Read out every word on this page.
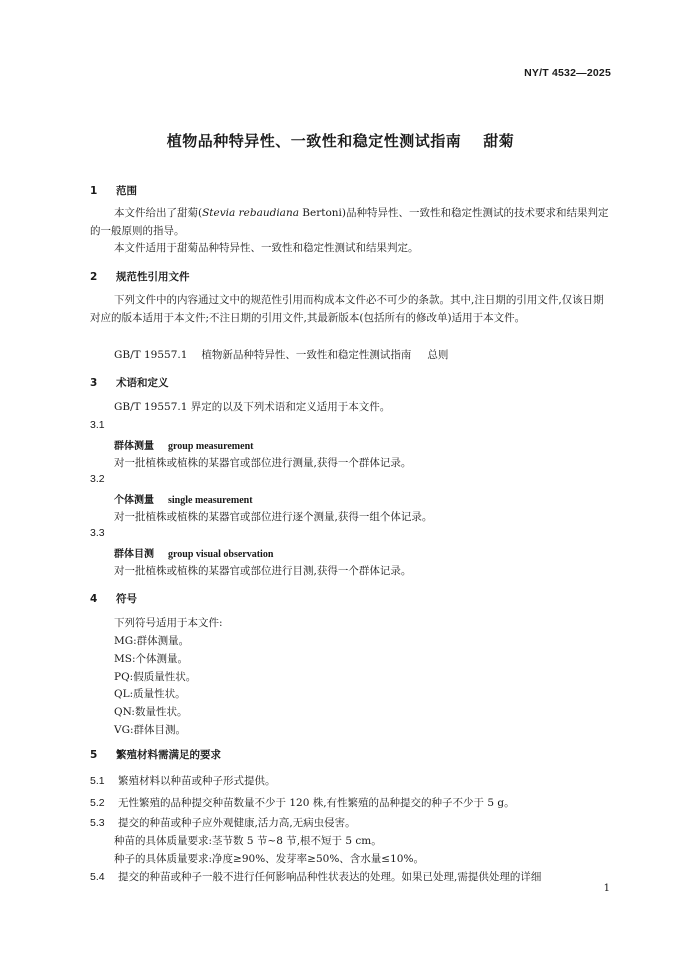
NY/T 4532—2025
植物品种特异性、一致性和稳定性测试指南 甜菊
1 范围
本文件给出了甜菊(Stevia rebaudiana Bertoni)品种特异性、一致性和稳定性测试的技术要求和结果判定的一般原则的指导。
本文件适用于甜菊品种特异性、一致性和稳定性测试和结果判定。
2 规范性引用文件
下列文件中的内容通过文中的规范性引用而构成本文件必不可少的条款。其中,注日期的引用文件,仅该日期对应的版本适用于本文件;不注日期的引用文件,其最新版本(包括所有的修改单)适用于本文件。
GB/T 19557.1 植物新品种特异性、一致性和稳定性测试指南 总则
3 术语和定义
GB/T 19557.1 界定的以及下列术语和定义适用于本文件。
3.1
群体测量 group measurement
对一批植株或植株的某器官或部位进行测量,获得一个群体记录。
3.2
个体测量 single measurement
对一批植株或植株的某器官或部位进行逐个测量,获得一组个体记录。
3.3
群体目测 group visual observation
对一批植株或植株的某器官或部位进行目测,获得一个群体记录。
4 符号
下列符号适用于本文件:
MG:群体测量。
MS:个体测量。
PQ:假质量性状。
QL:质量性状。
QN:数量性状。
VG:群体目测。
5 繁殖材料需满足的要求
5.1 繁殖材料以种苗或种子形式提供。
5.2 无性繁殖的品种提交种苗数量不少于 120 株,有性繁殖的品种提交的种子不少于 5 g。
5.3 提交的种苗或种子应外观健康,活力高,无病虫侵害。
种苗的具体质量要求:茎节数 5 节~8 节,根不短于 5 cm。
种子的具体质量要求:净度≥90%、发芽率≥50%、含水量≤10%。
5.4 提交的种苗或种子一般不进行任何影响品种性状表达的处理。如果已处理,需提供处理的详细
1
